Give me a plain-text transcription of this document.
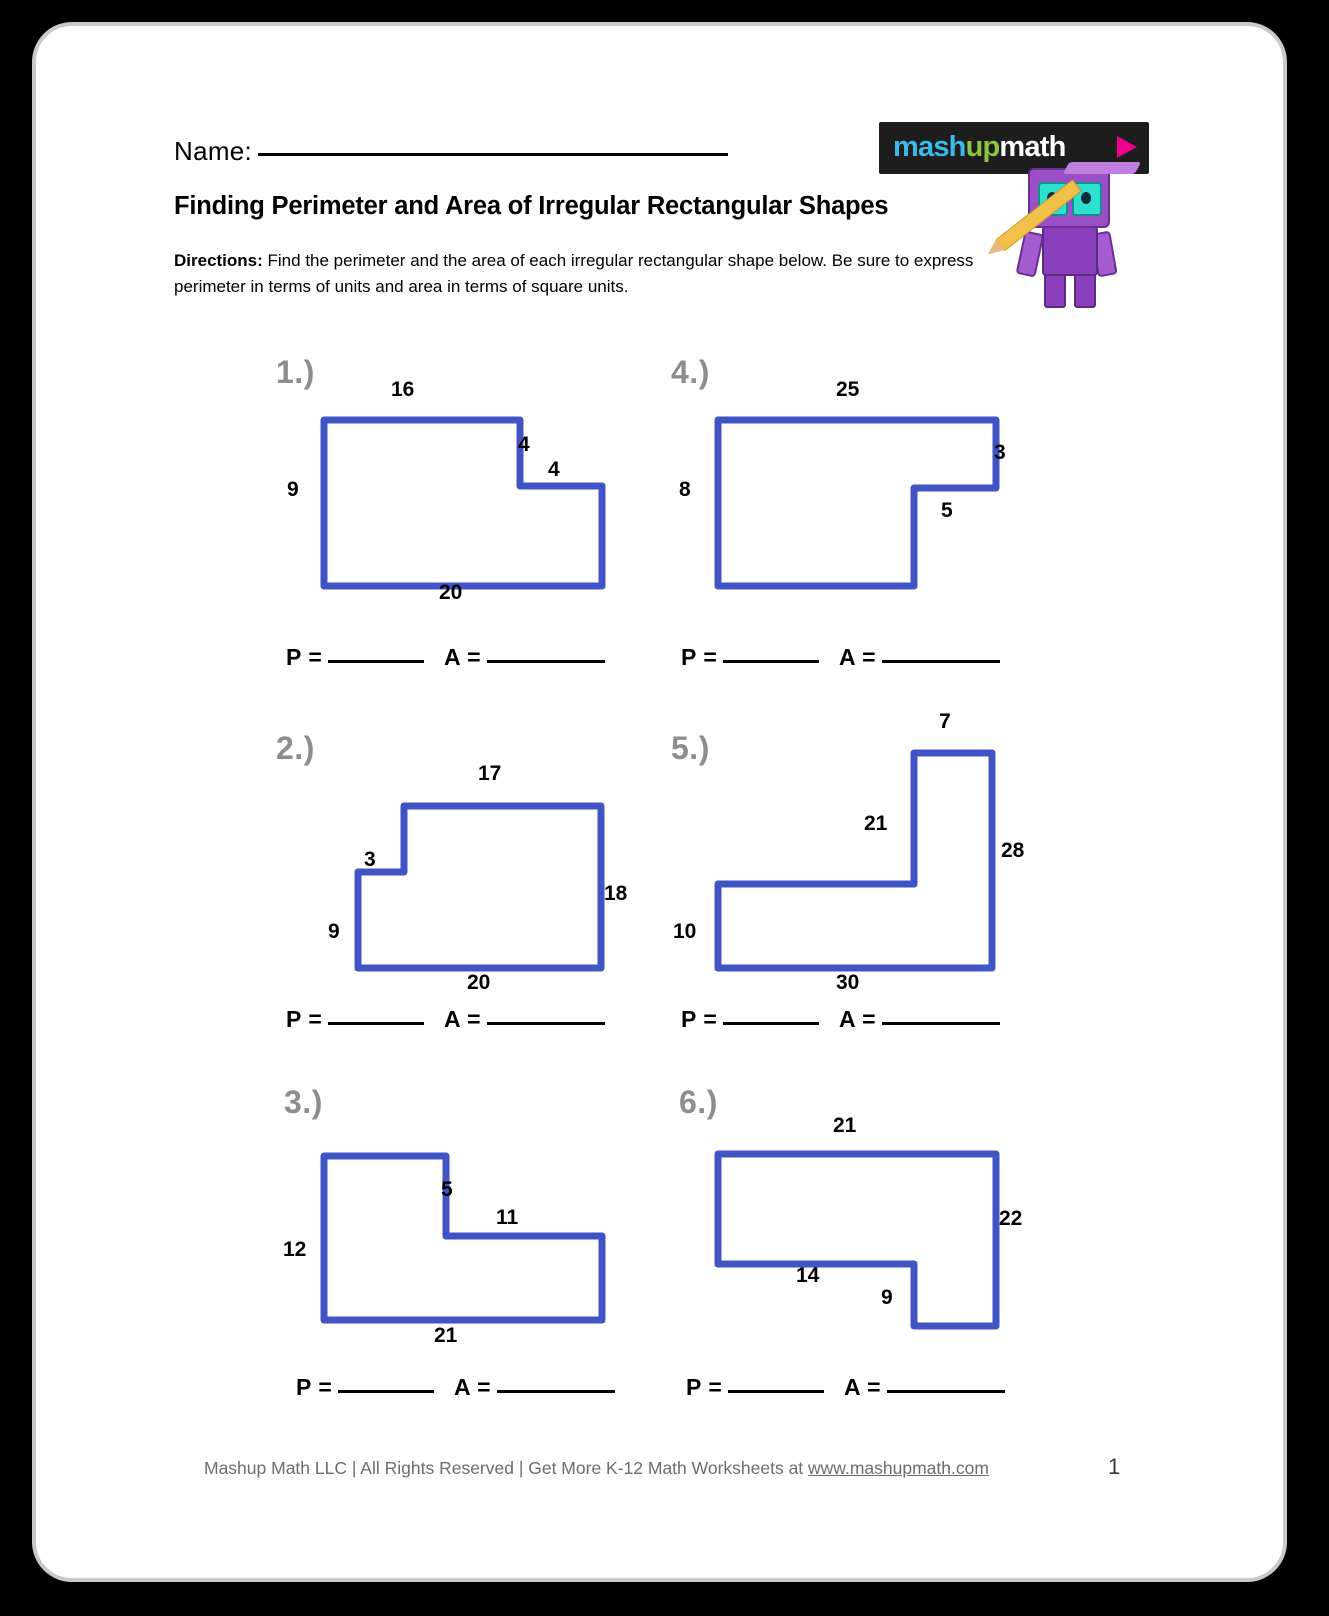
Name:
Finding Perimeter and Area of Irregular Rectangular Shapes
Directions: Find the perimeter and the area of each irregular rectangular shape below. Be sure to express perimeter in terms of units and area in terms of square units.
mashupmath
1.)	16
4
4
9
20
P =	A =
4.)	25
3
8
5
P =	A =
2.)
17
3
18
9
20
P =	A =
5.)
7
21
28
10
30
P =	A =
3.)
5
11
12
21
P =	A =
6.)
21
22
14
9
P =	A =
Mashup Math LLC | All Rights Reserved | Get More K-12 Math Worksheets at www.mashupmath.com	1
